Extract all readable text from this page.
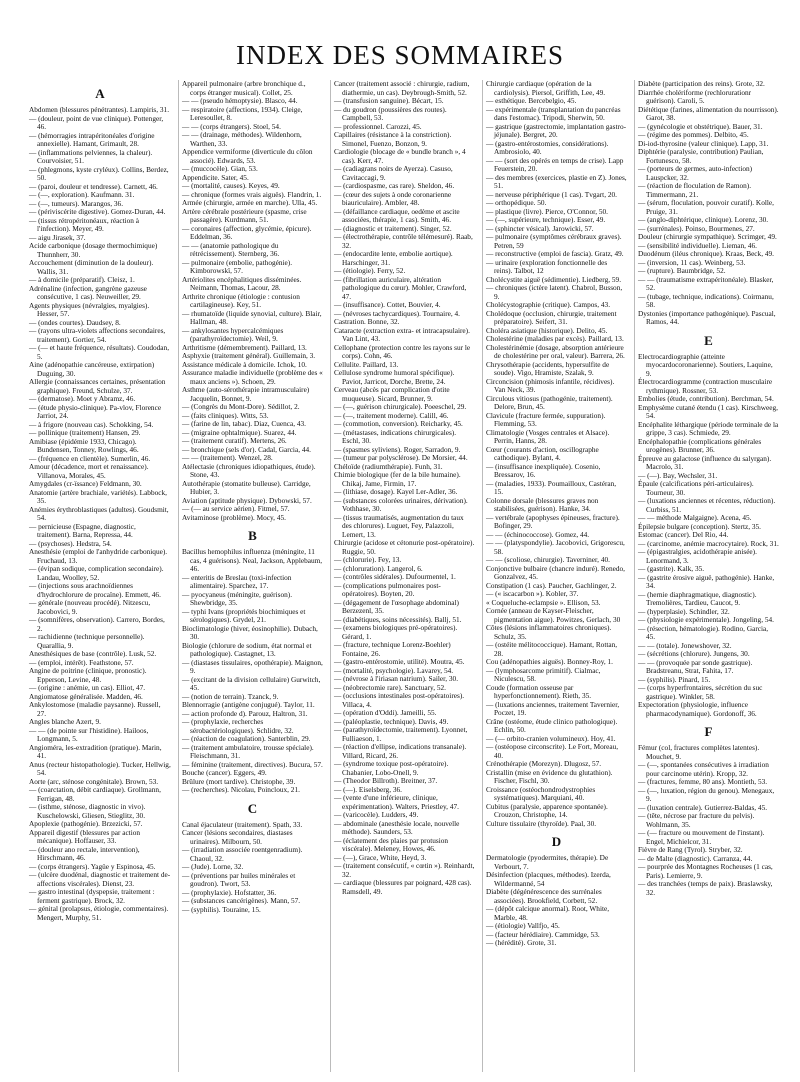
INDEX DES SOMMAIRES
A
Abdomen (blessures pénétrantes). Lampiris, 31.
— (douleur, point de vue clinique). Pottenger, 46.
— (hémorragies intrapéritonéales d'origine annexielle). Hamant, Grimault, 28.
— (inflammations pelviennes, la chaleur). Courvoisier, 51.
— (phlegmons, kyste cryléux). Collins, Berdez, 50.
— (paroi, douleur et tendresse). Carnett, 46.
— (—, exploration). Kaufmann. 31.
— (—, tumeurs). Marangos, 36.
— (périviscérite digestive). Gomez-Duran, 44.
— (tissus rétropéritonéaux, réaction à l'infection). Meyer, 49.
— aigu Jirasek, 37.
Acide carbonique (dosage thermochimique) Thunnherr, 30.
Accouchement (diminution de la douleur). Wallis, 31.
— à domicile (préparatif). Cleisz, 1.
Adrénaline (infection, gangrène gazeuse consécutive, 1 cas). Neuweiller, 29.
Agents physiques (névralgies, myalgies). Hesser, 57.
— (ondes courtes). Daudsey, 8.
— (rayons ultra-violets affections secondaires, traitement). Gortier, 54.
— (— et haute fréquence, résultats). Coudodan, 5.
Aine (adénopathie cancéreuse, extirpation) Duguing, 30.
Allergie (connaissances certaines, présentation graphique). Freund, Schulze, 37.
— (dermatose). Moet y Abramz, 46.
— (étude physio-clinique). Pa-vlov, Florence Jarriot, 24.
— à frigore (nouveau cas). Schokking, 54.
— pollinique (traitement) Hansen, 29.
Amibiase (épidémie 1933, Chicago). Bundensen, Tonney, Rowlings, 46.
— (fréquence en clientèle). Sumerlin, 46.
Amour (décadence, mort et renaissance). Villanova, Morales, 45.
Amygdales (cr-ïssance) Feldmann, 30.
Anatomie (artère brachiale, variétés). Labbock, 35.
Anémies érythroblastiques (adultes). Goudsmit, 54.
— pernicieuse (Espagne, diagnostic, traitement). Barna, Repressa, 44.
— (psychoses). Hedstra, 54.
Anesthésie (emploi de l'anhydride carbonique). Fruchaud, 13.
— (évipan sodique, complication secondaire). Landau, Woolley, 52.
— (injections sous arachnoïdiennes d'hydrochlorure de procaïne). Emmett, 46.
— générale (nouveau procédé). Nitzescu, Jacobovici, 9.
— (somnifères, observation). Carrero, Bordes, 2.
— rachidienne (technique personnelle). Quarallia, 9.
Anesthésiques de base (contrôle). Lusk, 52.
— (emploi, intérêt). Feathstone, 57.
Angine de poitrine (clinique, pronostic). Epperson, Levine, 48.
— (origine : anémie, un cas). Elliot, 47.
Angiomatose généralisée. Madden, 46.
Ankylostomose (maladie paysanne). Russell, 27.
Angles blanche Azert, 9.
— — (de pointe sur l'histidine). Hailoos, Longmann, 5.
Angioméra, les-extradition (pratique). Marin, 41.
Anus (recteur histopathologie). Tucker, Hellwig, 54.
Aorte (arc, sténose congénitale). Brown, 53.
— (coarctation, débit cardiaque). Grollmann, Ferrigan, 48.
— (isthme, sténose, diagnostic in vivo). Kuschelowski, Gliesen, Stieglitz, 30.
Apoplexie (pathogénie). Brzezicki, 57.
Appareil digestif (blessures par action mécanique). Hoffauser, 33.
— (douleur ano rectale, intervention), Hirschmann, 46.
— (corps étrangers). Yagüe y Espinosa, 45.
— (ulcère duodénal, diagnostic et traitement de-affections viscérales). Dienst, 23.
— gastro intestinal (dyspepsie, traitement : ferment gastrique). Brock, 32.
— génital (prolapsus, étiologie, commentaires). Mengert, Murphy, 51.
Appareil pulmonaire (arbre bronchique d., corps étranger musical). Collet, 25.
— — (pseudo hémoptysie). Blasco, 44.
— respiratoire (affections, 1934). Cleige, Leresoullet, 8.
— — (corps étrangers). Stoel, 54.
— — (drainage, méthodes). Wildenhorn, Warthen, 33.
Appendice vermiforme (diverticule du côlon associé). Edwards, 53.
— (muccocèle). Gian, 53.
Appendicite. Sater, 45.
— (mortalité, causes). Keyes, 49.
— chronique (formes vrais aiguës). Flandrin, 1.
Armée (chirurgie, armée en marche). Ulla, 45.
Artère cérébrale postérieure (spasme, crise passagère). Kurdmann, 51.
— coronaires (affection, glycémie, épicure). Eddelman, 36.
— — (anatomie pathologique du rétrécissement). Sternberg, 36.
— pulmonaire (embolie, pathogénie). Kimborowskï, 57.
Artériolites encéphalitiques disséminées. Neimann, Thomas, Lacour, 28.
Arthrite chronique (étiologie : contusion cartilagineuse). Key, 51.
— rhumatoïde (liquide synovial, culture). Blair, Hallman, 48.
— ankylosantes hypercalcémiques (parathyroïdectomie). Weil, 9.
Arthritisme (démembrement). Paillard, 13.
Asphyxie (traitement général). Guillemain, 3.
Assistance médicale à domicile. Ichok, 10.
Assurance maladie individuelle (problème des « maux anciens »). Schoen, 29.
Asthme (auto-sérothérapie intramusculaire) Jacquelin, Bonnet, 9.
— (Congrès du Mont-Dore). Sédillot, 2.
— (faits cliniques). Witts, 53.
— (farine de lin, tabac). Diaz, Cuenca, 43.
— (migraine ophtalmique). Suarez, 44.
— (traitement curatif). Mertens, 26.
— bronchique (sels d'or). Cadal, Garcia, 44.
— — (traitement). Wenzel, 28.
Atélectasie (chroniques idiopathiques, étude). Stone, 43.
Autothérapie (stomatite bulleuse). Carridge, Hubier, 3.
Aviation (aptitude physique). Dybowski, 57.
— (— au service aérien). Fitmel, 57.
Avitaminose (problème). Mocy, 45.
B
Bacillus hemophilus influenza (méningite, 11 cas, 4 guérisons). Neal, Jackson, Applebaum, 46.
— enteritis de Breslau (toxi-infection alimentaire). Sparchez, 17.
— pyocyaneus (méningite, guérison). Shewbridge, 35.
— typhi Ivans (propriétés biochimiques et sérologiques). Grydel, 21.
Bioclimatologie (hiver, éosinophilie). Dubach, 30.
Biologie (chlorure de sodium, état normal et pathologique). Castagnet, 13.
— (diastases tissulaires, opothérapie). Maignon, 9.
— (excitant de la division cellulaire) Gurwitch, 45.
— (notion de terrain). Tzanck, 9.
Blennorragie (antigène conjugué). Taylor, 11.
— action profonde d). Parouz, Haltron, 31.
— (prophylaxie, recherches sérobactériologiques). Schlidre, 32.
— (réaction de coagulation). Santerblin, 29.
— (traitement ambulatoire, trousse spéciale). Fleischmann, 31.
— féminine (traitement, directives). Bucura, 57.
Bouche (cancer). Eggers, 49.
Brûlure (mort tardive). Christophe, 39.
— (recherches). Nicolau, Poincloux, 21.
C
Canal éjaculateur (traitement). Spath, 33.
Cancer (lésions secondaires, diastases urinaires). Milbourn, 50.
— (irradiation associée roentgenradium). Chaoul, 32.
— (Jude). Lorne, 32.
— (préventions par huiles minérales et goudron). Twort, 53.
— (prophylaxie). Hofstatter, 36.
— (substances cancérigènes). Mann, 57.
— (syphilis). Touraine, 15.
Cancer (traitement associé : chirurgie, radium, diathermie, un cas). Deybrough-Smith, 52.
— (transfusion sanguine). Bécart, 15.
— du goudron (poussières des routes). Campbell, 53.
— professionnel. Carozzi, 45.
Capillaires (résistance à la constriction). Simonel, Fuenzo, Bonzon, 9.
Cardiologie (blocage de « bundle branch », 4 cas). Kerr, 47.
— (cadiagrans noirs de Ayerza). Casuso, Cavitaccagi, 9.
— (cardiospasme, cas rare). Sheldon, 46.
— (cœur des sujets à onde coronarienne biauriculaire). Ambler, 48.
— (défaillance cardiaque, oedème et ascite associées, thérapie, 1 cas). Smith, 46.
— (diagnostic et traitement). Singer, 52.
— (électrothérapie, contrôle télémesuré). Raab, 32.
— (endocardite lente, embolie aortique). Harschinger, 31.
— (étiologie). Ferry, 52.
— (fibrillation auriculaire, altération pathologique du cœur). Mohler, Crawford, 47.
— (insuffisance). Cottet, Bouvier, 4.
— (névroses tachycardiques). Tournaire, 4.
Castration. Bonne, 32.
Cataracte (extraction extra- et intracapsulaire). Van Lint, 43.
Cellophane (protection contre les rayons sur le corps). Cohn, 46.
Cellulite. Paillard, 13.
Cellulose syndrome humoral spécifique). Paviot, Jarricot, Dorche, Brette, 24.
Cerveau (abcès par complication d'otite muqueuse). Sicard, Brunner, 9.
— (—, guérison chirurgicale). Poeeschel, 29.
— (—, traitement moderne). Calill, 46.
— (commotion, conversion). Reicharky, 45.
— (métastases, indications chirurgicales). Eschl, 30.
— (spasmes syliviens). Roger, Sarradon, 9.
— (tumeur par polysclérose). De Morsier, 44.
Chéloïde (radiumthérapie). Funh, 31.
Chimie biologique (fer de la bile humaine). Chikaj, Jame, Firmin, 17.
— (lithiase, dosage). Kayel Ler-Adler, 36.
— (substances colorées urinaires, dérivation). Vothhase, 30.
— (tissus traumatisés, augmentation du taux des chlorures). Luguet, Fey, Palazzoli, Lemert, 13.
Chirurgie (acidose et cétonurie post-opératoire). Ruggie, 50.
— (chlorurie). Fey, 13.
— (chloruration). Langerol, 6.
— (contrôles sidérales). Dufourmentel, 1.
— (complications pulmonaires post-opératoires). Boyten, 20.
— (dégagement de l'œsophage abdominal) Berzezenl, 35.
— (diabétiques, soins nécessités). Ballj, 51.
— (examens biologiques pré-opératoires). Gérard, 1.
— (fracture, technique Lorenz-Boehler) Fontaine, 26.
— (gastro-entérostomie, utilité). Moutra, 45.
— (mortalité, psychologie). Lavarey, 54.
— (névrose à l'iriasan natrium). Sailer, 30.
— (néobrectomie rare). Sanctuary, 52.
— (occlusions intestinales post-opératoires). Villaca, 4.
— (opération d'Oddi). Jameilli, 55.
— (paléoplastie, technique). Davis, 49.
— (parathyroïdectomie, traitement). Lyonnet, Fulliaeson, 1.
— (réaction d'ellipse, indications transanale). Villard, Ricard, 26.
— (syndrome toxique post-opératoire). Chabanier, Lobo-Onell, 9.
— (Theodor Billroth). Breitner, 37.
— (—). Eiselsberg, 36.
— (vente d'une inférieure, clinique, expérimentation). Walters, Priestley, 47.
— (varicocèle). Ludders, 49.
— abdominale (anesthésie locale, nouvelle méthode). Saunders, 53.
— (éclatement des plaies par protusion viscérale). Meleney, Howes, 46.
— (—), Grace, White, Heyd, 3.
— (traitement consécutif, « cœtin »). Reinhardt, 32.
— cardiaque (blessures par poignard, 428 cas). Ramsdell, 49.
Chirurgie cardiaque (opération de la cardiolysis). Piersol, Griffith, Lee, 49.
— esthétique. Bercebelgio, 45.
— expérimentale (transplantation du pancréas dans l'estomac). Tripodi, Sherwin, 50.
— gastrique (gastrectomie, implantation gastro-jéjunale). Bergret, 20.
— (gastro-entérostomies, considérations). Ambrosiolo, 40.
— — (sort des opérés en temps de crise). Lapp Feuerstein, 20.
— des membres (exercices, plastie en Z). Jones, 51.
— nerveuse périphérique (1 cas). Tvgart, 20.
— orthopédique. 50.
— plastique (livre). Pierce, O'Connor, 50.
— (—, supérieure, technique). Esser, 49.
— (sphincter vésical). Jarowicki, 57.
— pulmonaire (symptômes cérébraux graves). Petren, 59
— reconstructive (emploi de fascia). Gratz, 49.
— urinaire (exploration fonctionnelle des reins). Talbot, 12
Cholécystite aiguë (sédimentie). Liedberg, 59.
— chroniques (ictère latent). Chabrol, Busson, 9.
Cholécystographie (critique). Campos, 43.
Cholédoque (occlusion, chirurgie, traitement préparatoire). Seifert, 31.
Choléra asiatique (historique). Delito, 45.
Cholestérine (maladies par excès). Paillard, 13.
Cholestérinémie (dosage, absorption antérieure de cholestérine per oral, valeur). Barrera, 26.
Chrysothérapie (accidents, hypersulfite de soude). Vigo, Hramiste, Szalak, 9.
Circoncision (phimosis infantile, récidives). Van Neck, 39.
Circulous vitiosus (pathogénie, traitement). Delore, Brun, 45.
Clavicule (fracture fermée, suppuration). Flemming, 53.
Climatologie (Vosges centrales et Alsace). Perrin, Hanns, 28.
Cœur (courants d'action, oscillographe cathodique). Bylant, 4.
— (insuffisance inexpliquée). Cosenio, Bressarov, 16.
— (maladies, 1933). Poumailloux, Castéran, 15.
Colonne dorsale (blessures graves non stabilisées, guérison). Hanke, 34.
— vertébrale (apophyses épineuses, fracture). Bofinger, 29.
— — (échinococcose). Gomez, 44.
— — (platyspondylie). Jacobovici, Grigorescu, 58.
— — (scoliose, chirurgie). Taverniner, 40.
Conjonctive bulbaire (chancre induré). Renedo, Gonzalvez, 45.
Constipation (1 cas). Paucher, Gachlinger, 2.
— (« iscacarbon »). Kobler, 37.
« Coqueluche-eclampsie ». Ellison, 53.
Cornée (anneau de Kayser-Fleischer, pigmentation aigue). Powitzes, Gerlach, 30
Côtes (lésions inflammatoires chroniques). Schulz, 35.
— (ostéite mélitococcique). Hamant, Rottan, 28.
Cou (adénopathies aiguës). Bonney-Roy, 1.
— (lymphosarcome primitif). Cialmac, Niculescu, 58.
Coude (formation osseuse par hyperfonctionnement). Rieth, 35.
— (luxations anciennes, traitement Tavernier, Poczet, 19.
Crâne (ostéome, étude clinico pathologique). Echlin, 50.
— (— orbito-cranien volumineux). Hoy, 41.
— (ostéopose circonscrite). Le Fort, Moreau, 40.
Crénothérapie (Morezyn). Dlugosz, 57.
Cristallin (mise en évidence du glutathion). Fischer, Fischl, 30.
Croissance (ostéochondrodystrophies systématiques). Marquiani, 40.
Cubitus (paralysie, apparence spontanée). Crouzon, Christophe, 14.
Culture tissulaire (thyroïde). Paal, 30.
D
Dermatologie (pyodermites, thérapie). De Verbourt, 7.
Désinfection (placques, méthodes). Izerda, Wildermanné, 54
Diabète (dégénérescence des surrénales associées). Brookfield, Corbett, 52.
— (dépôt calcique anormal). Root, White, Marble, 48.
— (étiologie) Vallfjo, 45.
— (facteur hérédiaire). Cammidge, 53.
— (hérédité). Grote, 31.
Diabète (participation des reins). Grote, 32.
Diarrhée cholériforme (rechlorurationr guérison). Caroli, 5.
Diététique (farines, alimentation du nourrisson). Garot, 38.
— (gynécologie et obstétrique). Bauer, 31.
— (régime des pommes). Delbito, 45.
Di-iod-thyrosine (valeur clinique). Lapp, 31.
Diphtérie (paralysie, contribution) Paulian, Fortunesco, 58.
— (porteurs de germes, auto-infection) Lauspcker, 32.
— (réaction de floculation de Ramon). Timmermann, 21.
— (sérum, floculation, pouvoir curatif). Kolle, Pruige, 31.
— (anglo-diphtérique, clinique). Lorenz, 30.
— (surrénales). Poinso, Bourmenes, 27.
Douleur (chirurgie sympathique). Scrimger, 49.
— (sensibilité individuelle). Lieman, 46.
Duodénum (iléus chronique). Kraas, Beck, 49.
— (inversion, 11 cas). Weinberg, 53.
— (rupture). Baumbridge, 52.
— — (traumatisme extrapéritonéale). Blasker, 52.
— (tubage, technique, indications). Coirmanu, 58.
Dystonies (importance pathogénique). Pascual, Ramos, 44.
E
Electrocardiographie (atteinte myocardocoronarienne). Soutiers, Laquine, 9.
Électrocardiogramme (contraction musculaire rythmique). Rossner, 53.
Embolies (étude, contribution). Berchman, 54.
Emphysème cutané étendu (1 cas). Kirschweeg, 54.
Encéphalite léthargique (période terminale de la grippe, 3 cas). Schmiede, 29.
Encéphalopathie (complications générales urogènes). Brunner, 36.
Épreuve au galactose (influence du salyrgan). Macrolo, 31.
— (—). Bay, Wechsler, 31.
Épaule (calcifications péri-articulaires). Tourneur, 30.
— (luxations anciennes et récentes, réduction). Curbiss, 51.
— — méthode Malgaigne). Acena, 45.
Épilepsie bulgare (conception). Stertz, 35.
Estomac (cancer). Del Rio, 44.
— (carcinome, anémie macrocytaire). Rock, 31.
— (épigastralgies, acidothérapie anisée). Lenormand, 3.
— (gastrite). Kalk, 35.
— (gastrite érosive aiguë, pathogénie). Hanke, 34.
— (hernie diaphragmatique, diagnostic). Tremolières, Tardieu, Caucot, 9.
— (hyperplasie). Schindler, 32.
— (physiologie expérimentale). Jongeling, 54.
— (résection, hématologie). Rodino, Garcia, 45.
— — (totale). Jonewshover, 32.
— (sécrétions (chlorure). Jungens, 30.
— — (provoquée par sonde gastrique). Bradstreanu, Strat, Fahita, 17.
— (syphilis). Pinard, 15.
— (corps hyperfrontaires, sécrétion du suc gastrique). Winkler, 58.
Expectoration (physiologie, influence pharmacodynamique). Gordonoff, 36.
F
Fémur (col, fractures complètes latentes). Mouchet, 9.
— (—, spontanées consécutives à irradiation pour carcinome utérin). Kropp, 32.
— (fractures, femme, 80 ans). Montieth, 53.
— (—, luxation, région du genou). Menegaux, 9.
— (luxation centrale). Gutierrez-Baldas, 45.
— (tête, nécrose par fracture du pelvis). Wohlmann, 35.
— (— fracture ou mouvement de l'instant). Engel, Michielcor, 31.
Fièvre de Rang (Tyrol). Stryber, 32.
— de Malte (diagnostic). Carranza, 44.
— pourprée des Montagnes Rocheuses (1 cas, Paris). Lemierre, 9.
— des tranchées (temps de paix). Braslawsky, 32.
